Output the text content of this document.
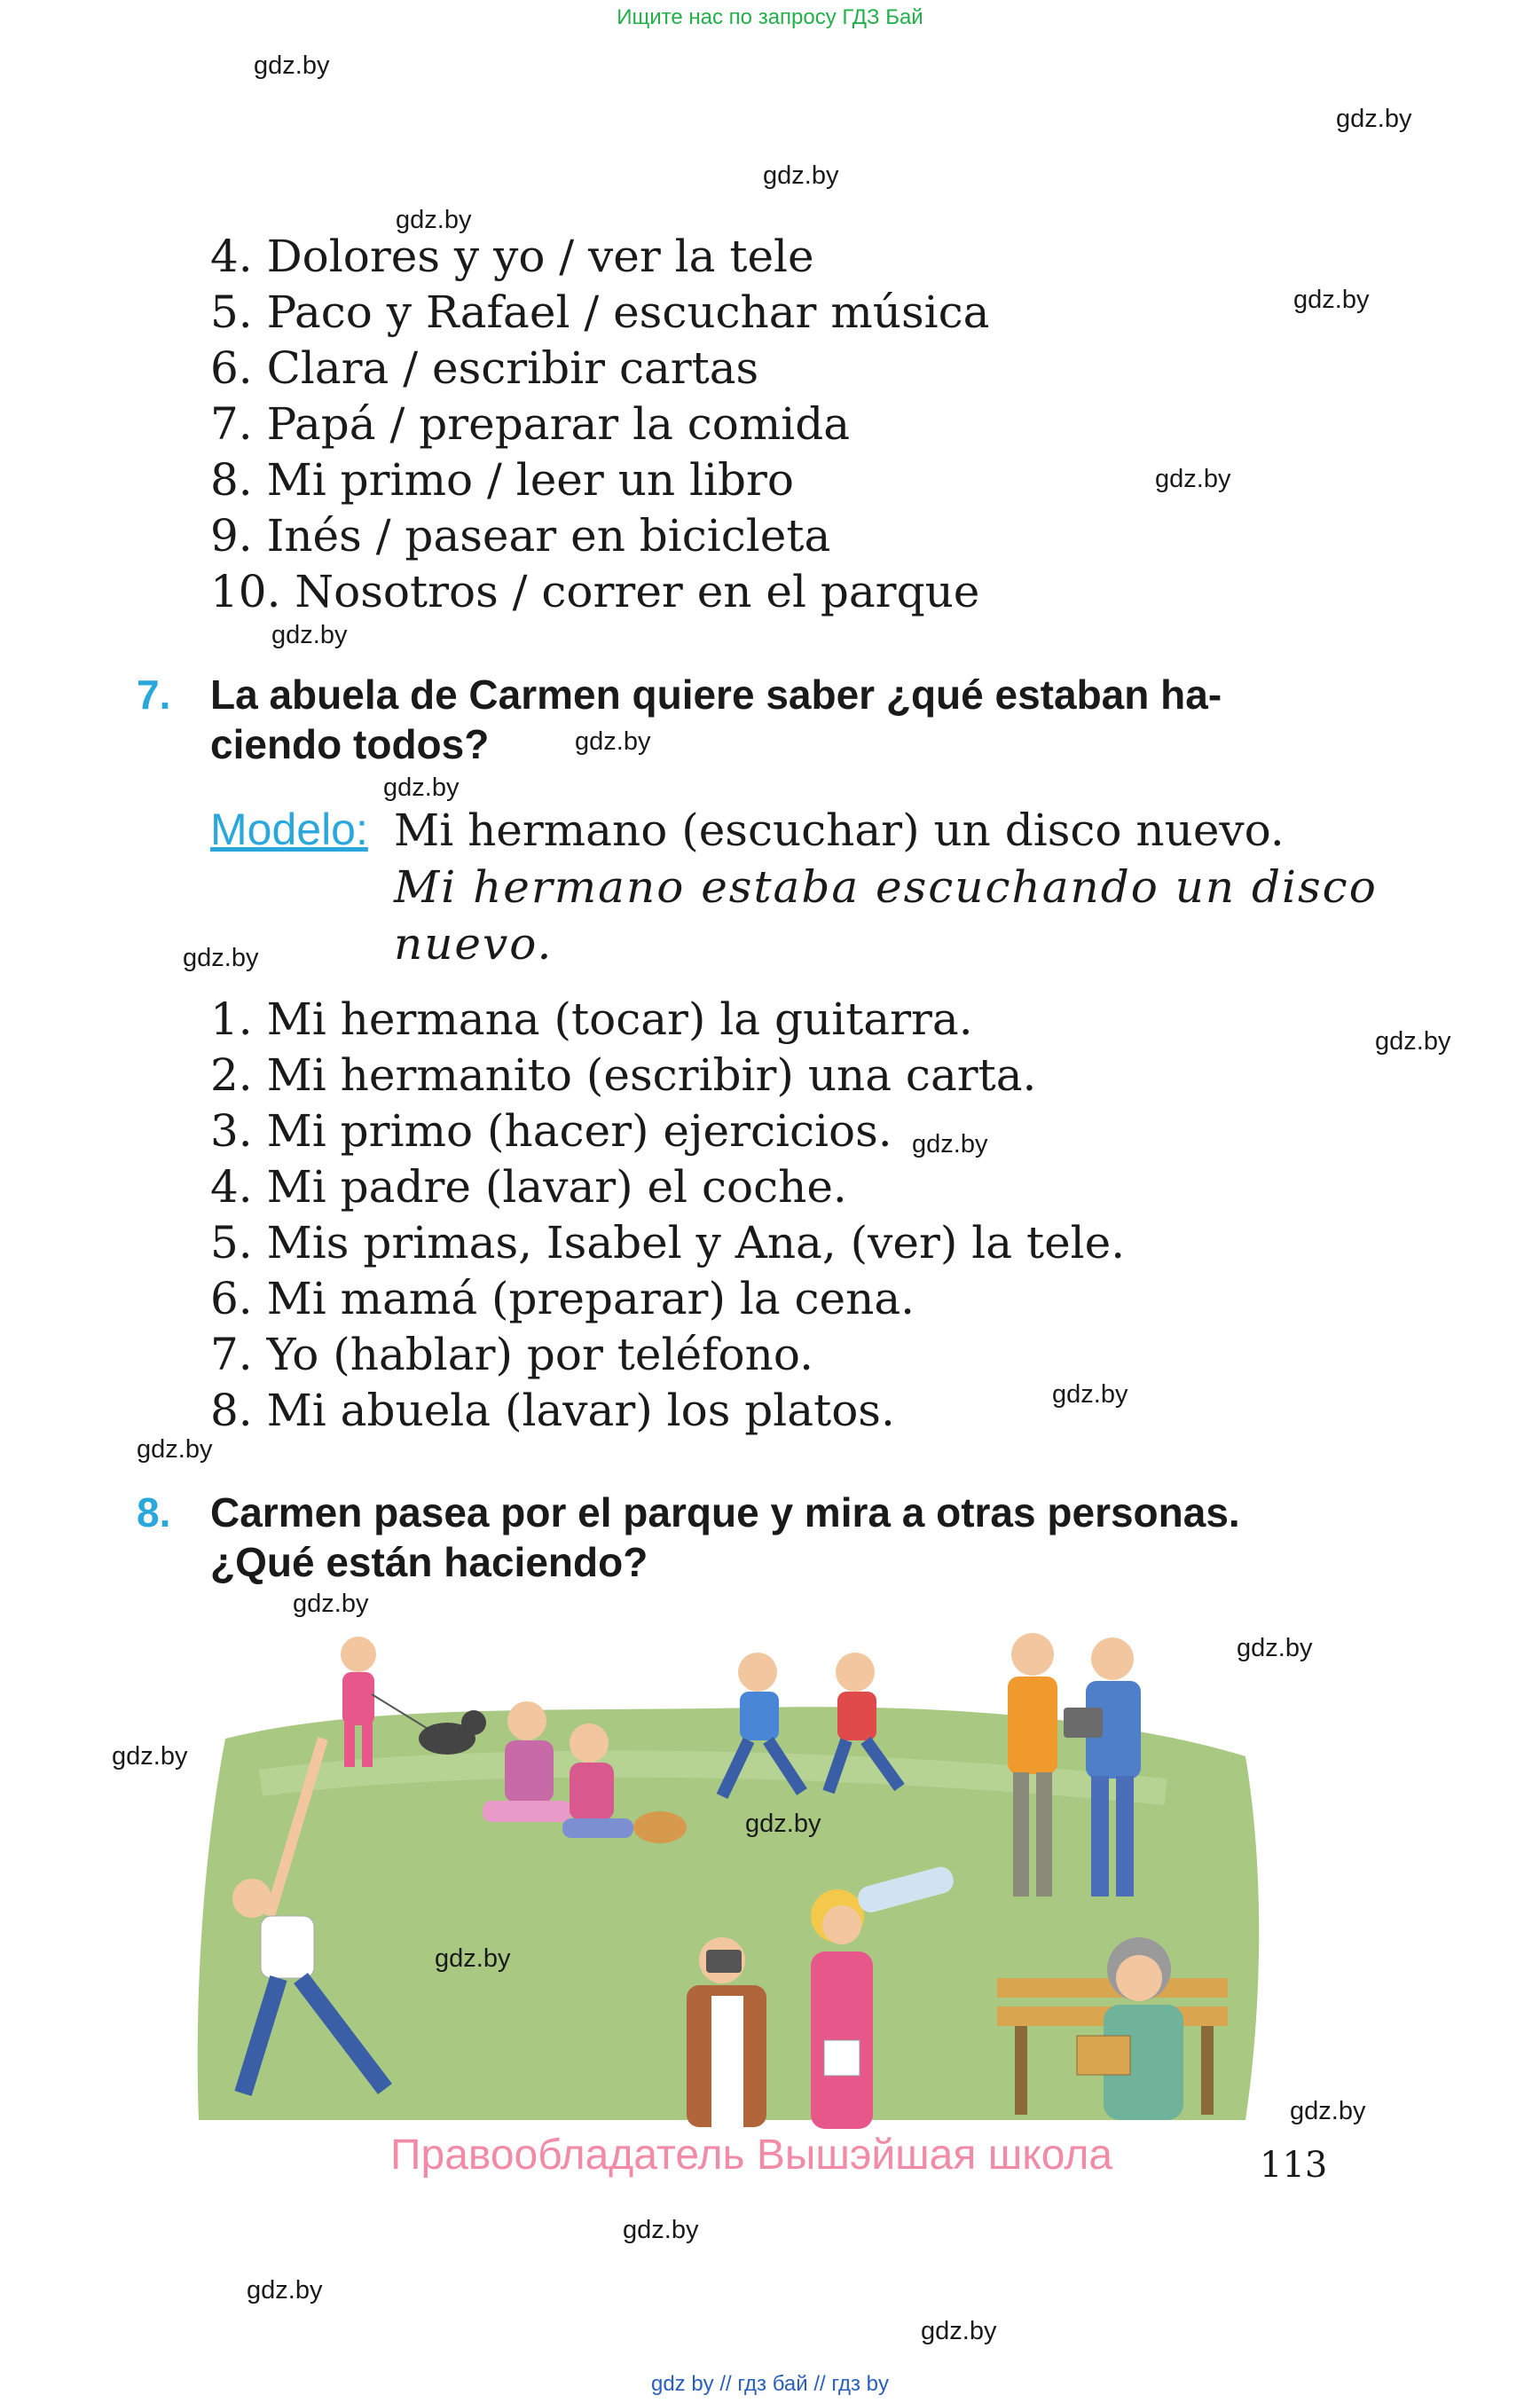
Ищите нас по запросу ГДЗ Бай
gdz.by
gdz.by
gdz.by
gdz.by
gdz.by
gdz.by
gdz.by
gdz.by
gdz.by
gdz.by
gdz.by
gdz.by
gdz.by
gdz.by
4. Dolores y yo / ver la tele
5. Paco y Rafael / escuchar música
6. Clara / escribir cartas
7. Papá / preparar la comida
8. Mi primo / leer un libro
9. Inés / pasear en bicicleta
10. Nosotros / correr en el parque
7. La abuela de Carmen quiere saber ¿qué estaban ha-
ciendo todos?
Modelo: Mi hermano (escuchar) un disco nuevo.
Mi hermano estaba escuchando un disco
nuevo.
1. Mi hermana (tocar) la guitarra.
2. Mi hermanito (escribir) una carta.
3. Mi primo (hacer) ejercicios.
4. Mi padre (lavar) el coche.
5. Mis primas, Isabel y Ana, (ver) la tele.
6. Mi mamá (preparar) la cena.
7. Yo (hablar) por teléfono.
8. Mi abuela (lavar) los platos.
8. Carmen pasea por el parque y mira a otras personas.
¿Qué están haciendo?
gdz.by
gdz.by
gdz.by
gdz.by
gdz.by
gdz.by
Правообладатель Вышэйшая школа	113
gdz.by
gdz.by
gdz.by
gdz by // гдз бай // гдз by
